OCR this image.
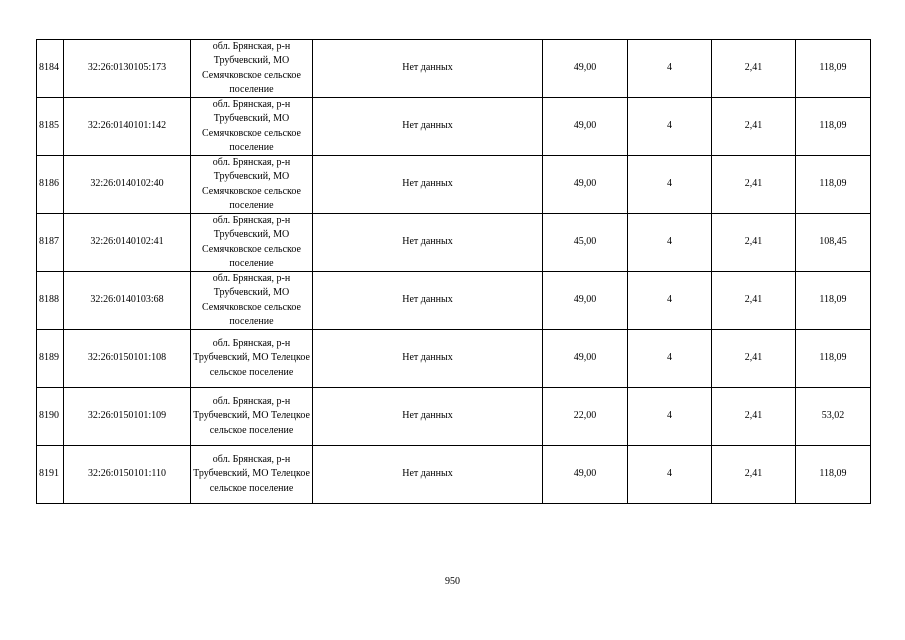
8184	32:26:0130105:173	обл. Брянская, р-н Трубчевский, МО Семячковское сельское поселение	Нет данных	49,00	4	2,41	118,09
8185	32:26:0140101:142	обл. Брянская, р-н Трубчевский, МО Семячковское сельское поселение	Нет данных	49,00	4	2,41	118,09
8186	32:26:0140102:40	обл. Брянская, р-н Трубчевский, МО Семячковское сельское поселение	Нет данных	49,00	4	2,41	118,09
8187	32:26:0140102:41	обл. Брянская, р-н Трубчевский, МО Семячковское сельское поселение	Нет данных	45,00	4	2,41	108,45
8188	32:26:0140103:68	обл. Брянская, р-н Трубчевский, МО Семячковское сельское поселение	Нет данных	49,00	4	2,41	118,09
8189	32:26:0150101:108	обл. Брянская, р-н Трубчевский, МО Телецкое сельское поселение	Нет данных	49,00	4	2,41	118,09
8190	32:26:0150101:109	обл. Брянская, р-н Трубчевский, МО Телецкое сельское поселение	Нет данных	22,00	4	2,41	53,02
8191	32:26:0150101:110	обл. Брянская, р-н Трубчевский, МО Телецкое сельское поселение	Нет данных	49,00	4	2,41	118,09
950
